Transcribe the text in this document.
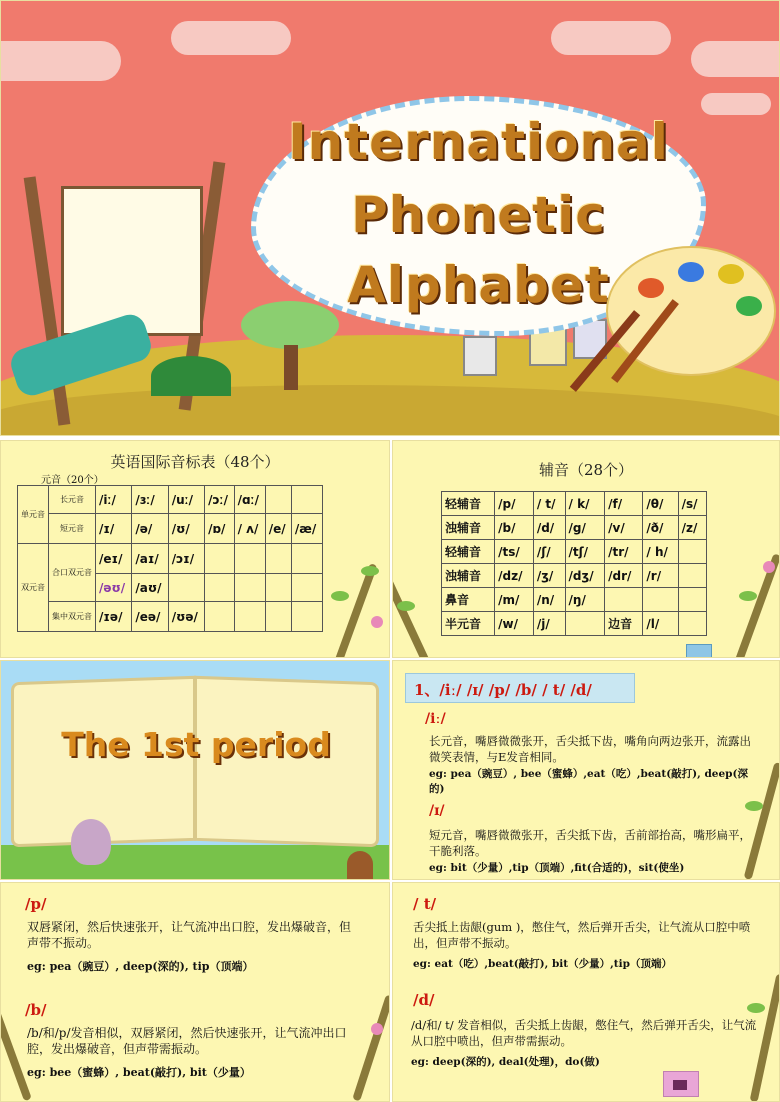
International
Phonetic
Alphabet
英语国际音标表（48个）
元音（20个）
单元音	长元音	/iː/	/ɜː/	/uː/	/ɔː/	/ɑː/		
	短元音	/ɪ/	/ə/	/ʊ/	/ɒ/	/ ʌ/	/e/	/æ/
双元音	合口双元音	/eɪ/	/aɪ/	/ɔɪ/				
		/əʊ/	/aʊ/					
	集中双元音	/ɪə/	/eə/	/ʊə/				
辅音（28个）
轻辅音	/p/	/ t/	/ k/	/f/	/θ/	/s/
浊辅音	/b/	/d/	/g/	/v/	/ð/	/z/
轻辅音	/ts/	/ʃ/	/tʃ/	/tr/	/ h/	
浊辅音	/dz/	/ʒ/	/dʒ/	/dr/	/r/	
鼻音	/m/	/n/	/ŋ/			
半元音	/w/	/j/		边音	/l/	
The 1st period
1、/iː/ /ɪ/ /p/ /b/ / t/ /d/
/iː/
长元音，嘴唇微微张开，舌尖抵下齿，嘴角向两边张开，流露出微笑表情，与E发音相同。
eg: pea（豌豆）, bee（蜜蜂）,eat（吃）,beat(敲打), deep(深的)
/ɪ/
短元音，嘴唇微微张开，舌尖抵下齿，舌前部抬高，嘴形扁平，干脆利落。
eg: bit（少量）,tip（顶端）,fit(合适的)，sit(使坐)
/p/
双唇紧闭，然后快速张开，让气流冲出口腔，发出爆破音，但声带不振动。
eg: pea（豌豆）, deep(深的), tip（顶端）
/b/
/b/和/p/发音相似，双唇紧闭，然后快速张开，让气流冲出口腔，发出爆破音，但声带需振动。
eg: bee（蜜蜂）, beat(敲打), bit（少量）
/ t/
舌尖抵上齿龈(gum )，憋住气，然后弹开舌尖，让气流从口腔中喷出，但声带不振动。
eg: eat（吃）,beat(敲打), bit（少量）,tip（顶端）
/d/
/d/和/ t/ 发音相似，舌尖抵上齿龈，憋住气，然后弹开舌尖，让气流从口腔中喷出，但声带需振动。
eg: deep(深的), deal(处理)，do(做)
